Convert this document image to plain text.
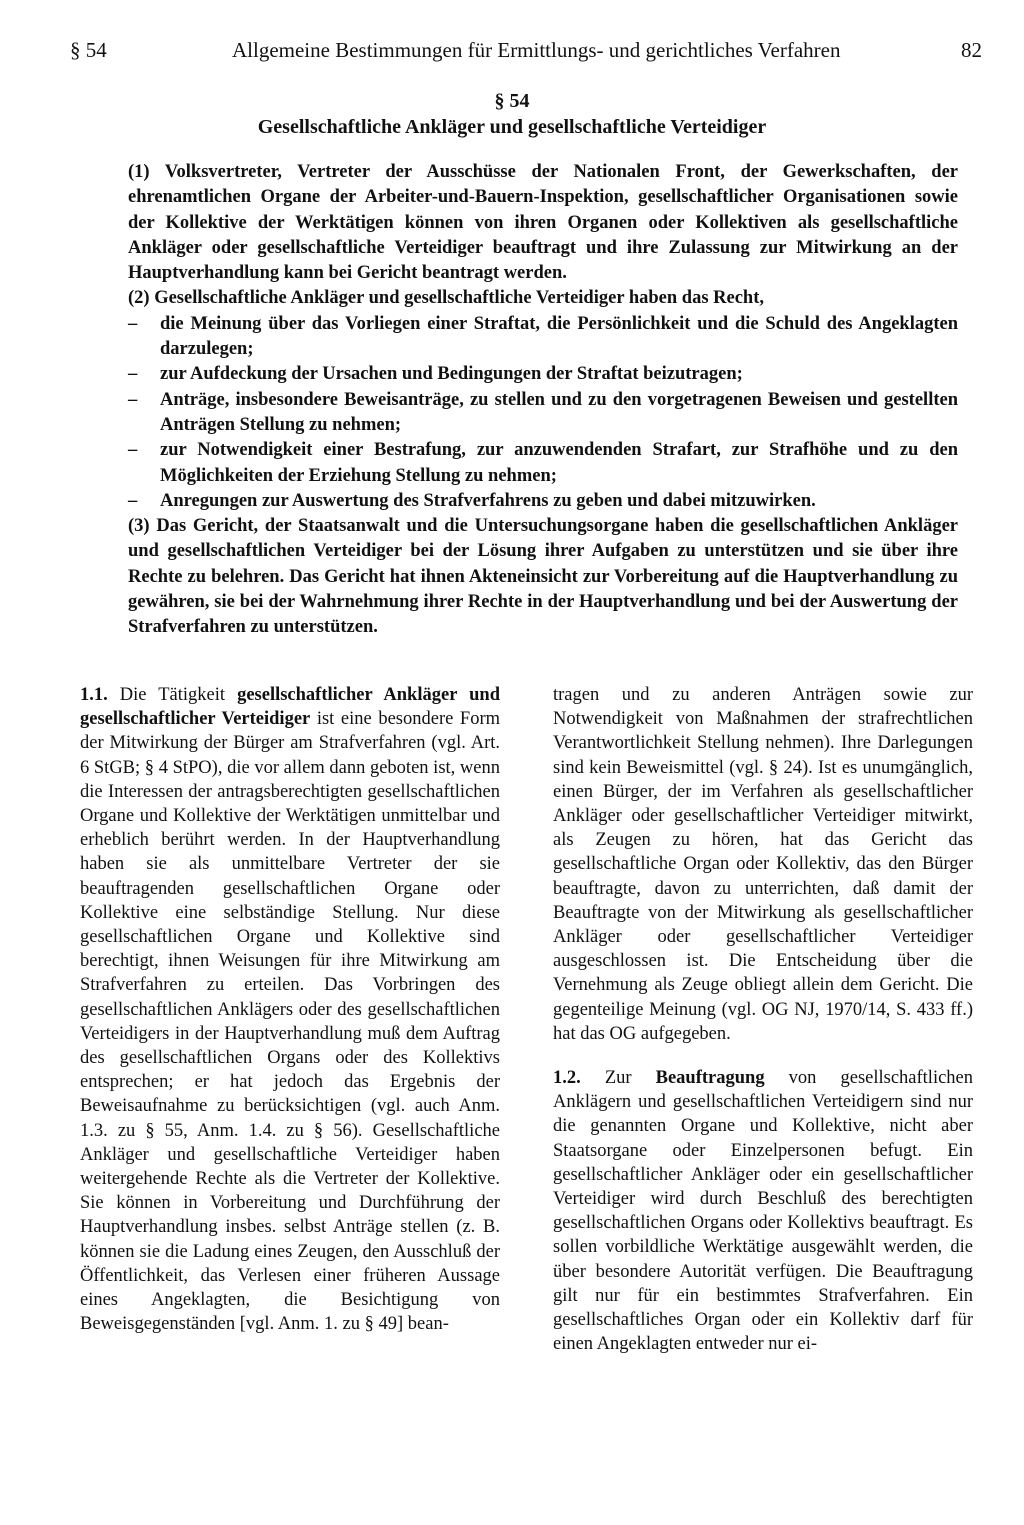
§ 54	Allgemeine Bestimmungen für Ermittlungs- und gerichtliches Verfahren	82
§ 54
Gesellschaftliche Ankläger und gesellschaftliche Verteidiger

(1) Volksvertreter, Vertreter der Ausschüsse der Nationalen Front, der Gewerkschaften, der ehrenamtlichen Organe der Arbeiter-und-Bauern-Inspektion, gesellschaftlicher Organisationen sowie der Kollektive der Werktätigen können von ihren Organen oder Kollektiven als gesellschaftliche Ankläger oder gesellschaftliche Verteidiger beauftragt und ihre Zulassung zur Mitwirkung an der Hauptverhandlung kann bei Gericht beantragt werden.

(2) Gesellschaftliche Ankläger und gesellschaftliche Verteidiger haben das Recht,

– die Meinung über das Vorliegen einer Straftat, die Persönlichkeit und die Schuld des Angeklagten darzulegen;
– zur Aufdeckung der Ursachen und Bedingungen der Straftat beizutragen;
– Anträge, insbesondere Beweisanträge, zu stellen und zu den vorgetragenen Beweisen und gestellten Anträgen Stellung zu nehmen;
– zur Notwendigkeit einer Bestrafung, zur anzuwendenden Strafart, zur Strafhöhe und zu den Möglichkeiten der Erziehung Stellung zu nehmen;
– Anregungen zur Auswertung des Strafverfahrens zu geben und dabei mitzuwirken.

(3) Das Gericht, der Staatsanwalt und die Untersuchungsorgane haben die gesellschaftlichen Ankläger und gesellschaftlichen Verteidiger bei der Lösung ihrer Aufgaben zu unterstützen und sie über ihre Rechte zu belehren. Das Gericht hat ihnen Akteneinsicht zur Vorbereitung auf die Hauptverhandlung zu gewähren, sie bei der Wahrnehmung ihrer Rechte in der Hauptverhandlung und bei der Auswertung der Strafverfahren zu unterstützen.

1.1. Die Tätigkeit gesellschaftlicher Ankläger und gesellschaftlicher Verteidiger ist eine besondere Form der Mitwirkung der Bürger am Strafverfahren (vgl. Art. 6 StGB; § 4 StPO), die vor allem dann geboten ist, wenn die Interessen der antragsberechtigten gesellschaftlichen Organe und Kollektive der Werktätigen unmittelbar und erheblich berührt werden. In der Hauptverhandlung haben sie als unmittelbare Vertreter der sie beauftragenden gesellschaftlichen Organe oder Kollektive eine selbständige Stellung. Nur diese gesellschaftlichen Organe und Kollektive sind berechtigt, ihnen Weisungen für ihre Mitwirkung am Strafverfahren zu erteilen. Das Vorbringen des gesellschaftlichen Anklägers oder des gesellschaftlichen Verteidigers in der Hauptverhandlung muß dem Auftrag des gesellschaftlichen Organs oder des Kollektivs entsprechen; er hat jedoch das Ergebnis der Beweisaufnahme zu berücksichtigen (vgl. auch Anm. 1.3. zu § 55, Anm. 1.4. zu § 56). Gesellschaftliche Ankläger und gesellschaftliche Verteidiger haben weitergehende Rechte als die Vertreter der Kollektive. Sie können in Vorbereitung und Durchführung der Hauptverhandlung insbes. selbst Anträge stellen (z. B. können sie die Ladung eines Zeugen, den Ausschluß der Öffentlichkeit, das Verlesen einer früheren Aussage eines Angeklagten, die Besichtigung von Beweisgegenständen [vgl. Anm. 1. zu § 49] bean-

tragen und zu anderen Anträgen sowie zur Notwendigkeit von Maßnahmen der strafrechtlichen Verantwortlichkeit Stellung nehmen). Ihre Darlegungen sind kein Beweismittel (vgl. § 24). Ist es unumgänglich, einen Bürger, der im Verfahren als gesellschaftlicher Ankläger oder gesellschaftlicher Verteidiger mitwirkt, als Zeugen zu hören, hat das Gericht das gesellschaftliche Organ oder Kollektiv, das den Bürger beauftragte, davon zu unterrichten, daß damit der Beauftragte von der Mitwirkung als gesellschaftlicher Ankläger oder gesellschaftlicher Verteidiger ausgeschlossen ist. Die Entscheidung über die Vernehmung als Zeuge obliegt allein dem Gericht. Die gegenteilige Meinung (vgl. OG NJ, 1970/14, S. 433 ff.) hat das OG aufgegeben.

1.2. Zur Beauftragung von gesellschaftlichen Anklägern und gesellschaftlichen Verteidigern sind nur die genannten Organe und Kollektive, nicht aber Staatsorgane oder Einzelpersonen befugt. Ein gesellschaftlicher Ankläger oder ein gesellschaftlicher Verteidiger wird durch Beschluß des berechtigten gesellschaftlichen Organs oder Kollektivs beauftragt. Es sollen vorbildliche Werktätige ausgewählt werden, die über besondere Autorität verfügen. Die Beauftragung gilt nur für ein bestimmtes Strafverfahren. Ein gesellschaftliches Organ oder ein Kollektiv darf für einen Angeklagten entweder nur ei-
